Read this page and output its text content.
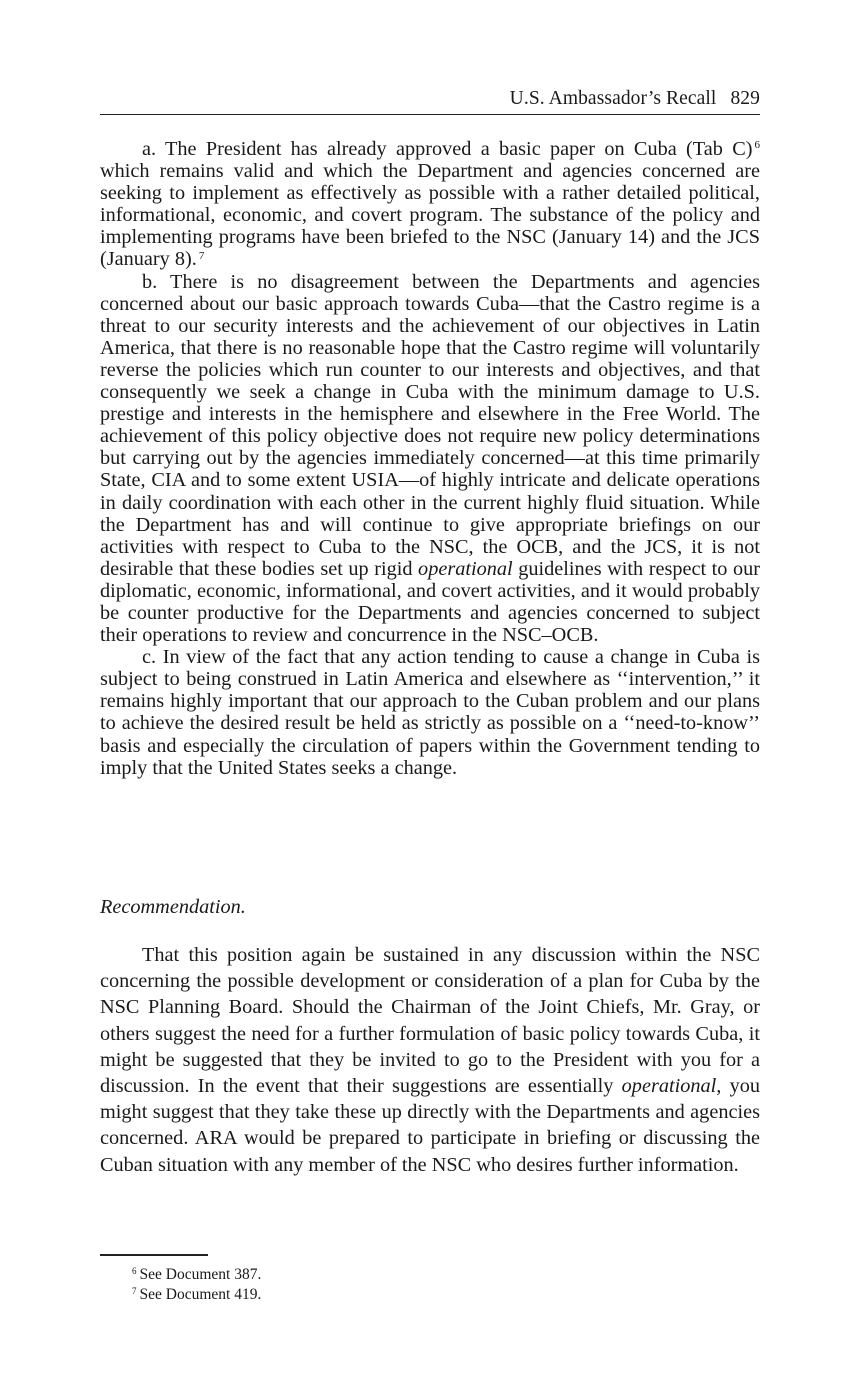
U.S. Ambassador’s Recall 829

a. The President has already approved a basic paper on Cuba (Tab C) $^6$ which remains valid and which the Department and agencies concerned are seeking to implement as effectively as possible with a rather detailed political, informational, economic, and covert program. The substance of the policy and implementing programs have been briefed to the NSC (January 14) and the JCS (January 8). $^7$

b. There is no disagreement between the Departments and agencies concerned about our basic approach towards Cuba—that the Castro regime is a threat to our security interests and the achievement of our objectives in Latin America, that there is no reasonable hope that the Castro regime will voluntarily reverse the policies which run counter to our interests and objectives, and that consequently we seek a change in Cuba with the minimum damage to U.S. prestige and interests in the hemisphere and elsewhere in the Free World. The achievement of this policy objective does not require new policy determinations but carrying out by the agencies immediately concerned—at this time primarily State, CIA and to some extent USIA—of highly intricate and delicate operations in daily coordination with each other in the current highly fluid situation. While the Department has and will continue to give appropriate briefings on our activities with respect to Cuba to the NSC, the OCB, and the JCS, it is not desirable that these bodies set up rigid operational guidelines with respect to our diplomatic, economic, informational, and covert activities, and it would probably be counter productive for the Departments and agencies concerned to subject their operations to review and concurrence in the NSC–OCB.

c. In view of the fact that any action tending to cause a change in Cuba is subject to being construed in Latin America and elsewhere as ‘‘intervention,’’ it remains highly important that our approach to the Cuban problem and our plans to achieve the desired result be held as strictly as possible on a ‘‘need-to-know’’ basis and especially the circulation of papers within the Government tending to imply that the United States seeks a change.

Recommendation.

That this position again be sustained in any discussion within the NSC concerning the possible development or consideration of a plan for Cuba by the NSC Planning Board. Should the Chairman of the Joint Chiefs, Mr. Gray, or others suggest the need for a further formulation of basic policy towards Cuba, it might be suggested that they be invited to go to the President with you for a discussion. In the event that their suggestions are essentially operational, you might suggest that they take these up directly with the Departments and agencies concerned. ARA would be prepared to participate in briefing or discussing the Cuban situation with any member of the NSC who desires further information.

$^6$ See Document 387.
$^7$ See Document 419.
